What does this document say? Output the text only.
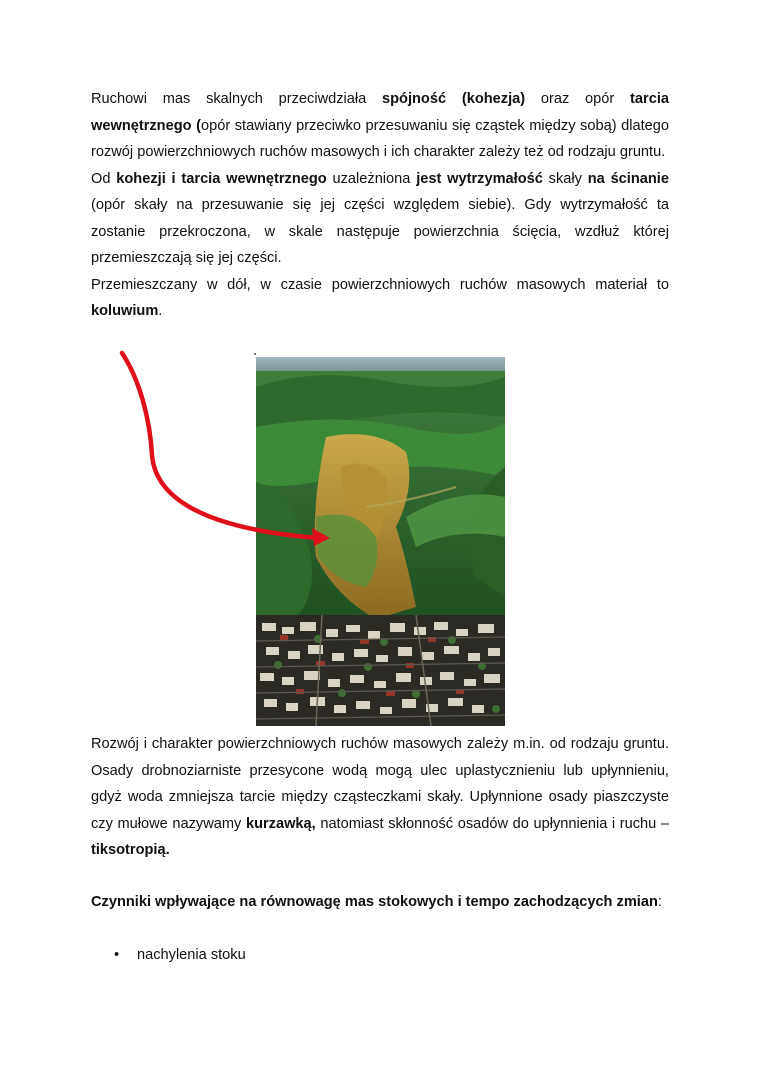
Ruchowi mas skalnych przeciwdziała spójność (kohezja) oraz opór tarcia wewnętrznego (opór stawiany przeciwko przesuwaniu się cząstek między sobą) dlatego rozwój powierzchniowych ruchów masowych i ich charakter zależy też od rodzaju gruntu.
Od kohezji i tarcia wewnętrznego uzależniona jest wytrzymałość skały na ścinanie (opór skały na przesuwanie się jej części względem siebie). Gdy wytrzymałość ta zostanie przekroczona, w skale następuje powierzchnia ścięcia, wzdłuż której przemieszczają się jej części.
Przemieszczany w dół, w czasie powierzchniowych ruchów masowych materiał to koluwium.

Rozwój i charakter powierzchniowych ruchów masowych zależy m.in. od rodzaju gruntu. Osady drobnoziarniste przesycone wodą mogą ulec uplastycznieniu lub upłynnieniu, gdyż woda zmniejsza tarcie między cząsteczkami skały. Upłynnione osady piaszczyste czy mułowe nazywamy kurzawką, natomiast skłonność osadów do upłynnienia i ruchu – tiksotropią.

Czynniki wpływające na równowagę mas stokowych i tempo zachodzących zmian:

• nachylenia stoku
